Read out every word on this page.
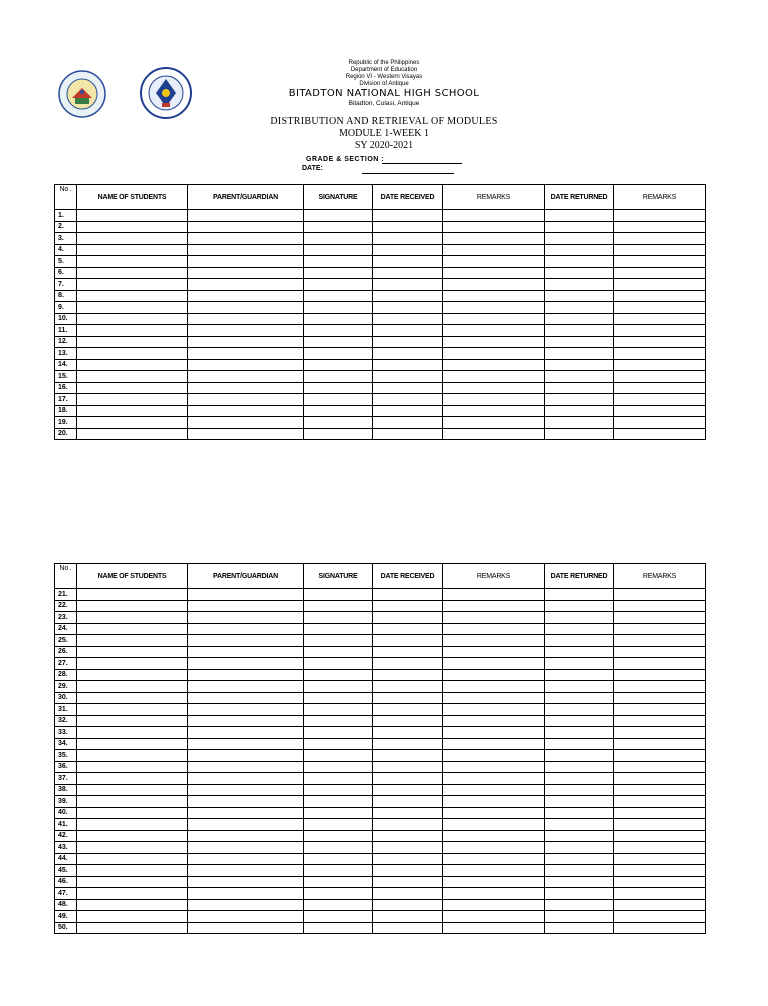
Republic of the Philippines
Department of Education
Region VI - Western Visayas
Division of Antique
BITADTON NATIONAL HIGH SCHOOL
Bitadton, Culasi, Antique
DISTRIBUTION AND RETRIEVAL OF MODULES
MODULE 1-WEEK 1
SY 2020-2021
GRADE & SECTION :
DATE:
No .	NAME OF STUDENTS	PARENT/GUARDIAN	SIGNATURE	DATE RECEIVED	REMARKS	DATE RETURNED	REMARKS
1.							
2.							
3.							
4.							
5.							
6.							
7.							
8.							
9.							
10.							
11.							
12.							
13.							
14.							
15.							
16.							
17.							
18.							
19.							
20.							
No .	NAME OF STUDENTS	PARENT/GUARDIAN	SIGNATURE	DATE RECEIVED	REMARKS	DATE RETURNED	REMARKS
21.							
22.							
23.							
24.							
25.							
26.							
27.							
28.							
29.							
30.							
31.							
32.							
33.							
34.							
35.							
36.							
37.							
38.							
39.							
40.							
41.							
42.							
43.							
44.							
45.							
46.							
47.							
48.							
49.							
50.							
